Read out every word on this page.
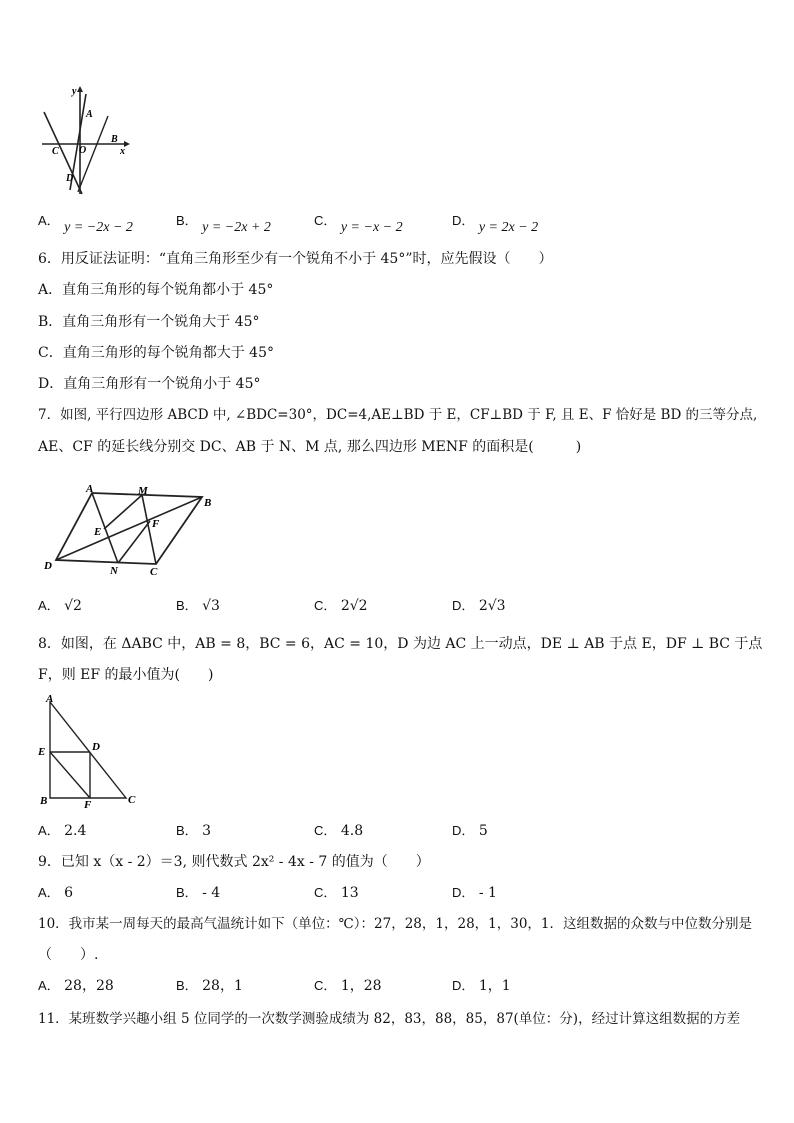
y
x
A
B
C O
D
A． y = −2x − 2	B． y = −2x + 2	C． y = −x − 2	D． y = 2x − 2
6．用反证法证明：“直角三角形至少有一个锐角不小于 45°”时，应先假设（　　）
A．直角三角形的每个锐角都小于 45°
B．直角三角形有一个锐角大于 45°
C．直角三角形的每个锐角都大于 45°
D．直角三角形有一个锐角小于 45°
7．如图, 平行四边形 ABCD 中, ∠BDC=30°，DC=4,AE⊥BD 于 E，CF⊥BD 于 F, 且 E、F 恰好是 BD 的三等分点,
AE、CF 的延长线分别交 DC、AB 于 N、M 点, 那么四边形 MENF 的面积是(　　　)
A	M
B
E
F
D	N	C
A． √2	B． √3	C． 2√2	D． 2√3
8．如图，在 ΔABC 中，AB = 8，BC = 6，AC = 10，D 为边 AC 上一动点，DE ⊥ AB 于点 E，DF ⊥ BC 于点
F，则 EF 的最小值为(　　)
A
E	D
B	F	C
A． 2.4	B． 3	C． 4.8	D． 5
9．已知 x（x - 2）＝3, 则代数式 2x² - 4x - 7 的值为（　　）
A． 6	B． - 4	C． 13	D． - 1
10．我市某一周每天的最高气温统计如下（单位：℃）：27，28，1，28，1，30，1．这组数据的众数与中位数分别是
（　　）.
A． 28，28	B． 28，1	C． 1，28	D． 1，1
11．某班数学兴趣小组 5 位同学的一次数学测验成绩为 82，83，88，85，87(单位：分)，经过计算这组数据的方差
